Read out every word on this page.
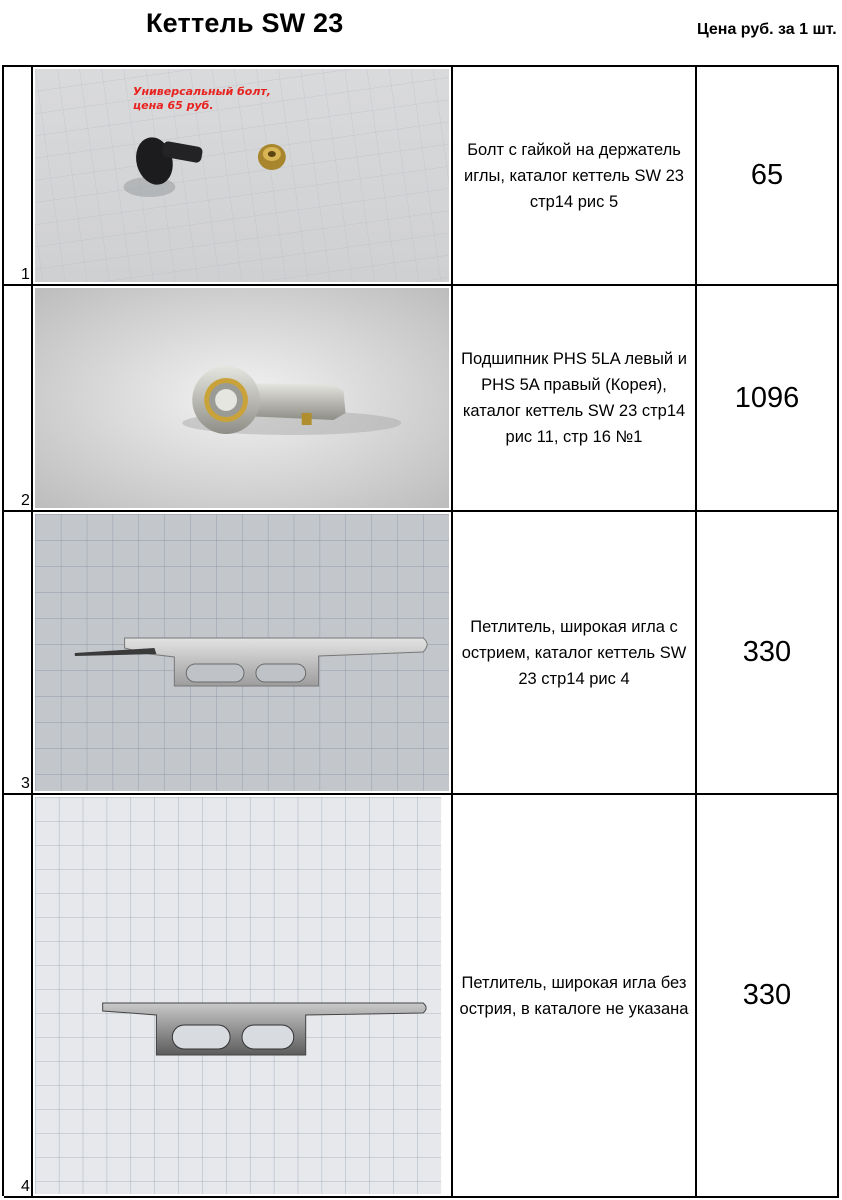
Кеттель SW 23	Цена руб. за 1 шт.
1
Универсальный болт,
цена 65 руб.
Болт с гайкой на держатель иглы, каталог кеттель SW 23 стр14 рис 5
65
2
Подшипник PHS 5LA левый и PHS 5A правый (Корея), каталог кеттель SW 23 стр14 рис 11, стр 16 №1
1096
3
Петлитель, широкая игла с острием, каталог кеттель SW 23 стр14 рис 4
330
4
Петлитель, широкая игла без острия, в каталоге не указана	330
